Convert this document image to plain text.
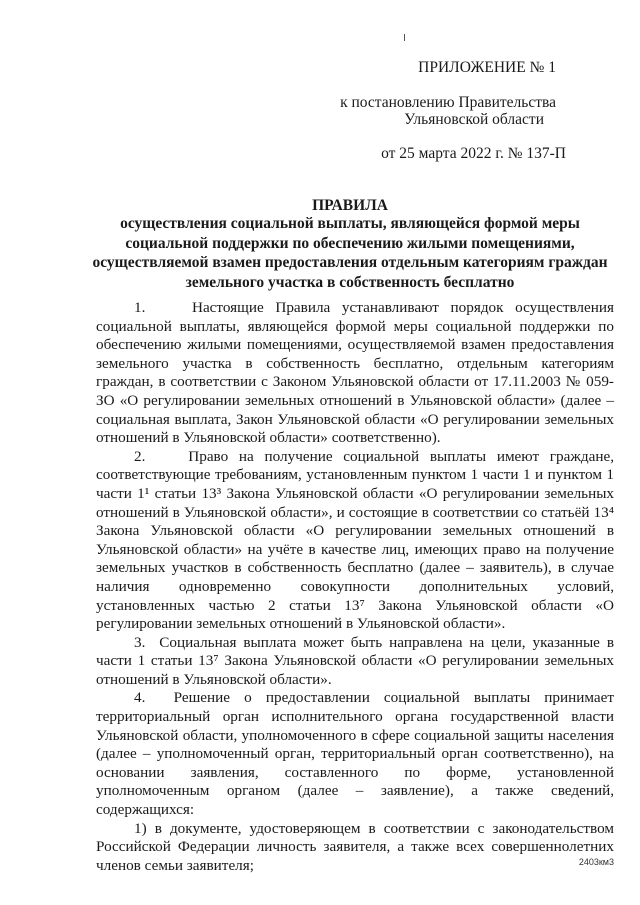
ПРИЛОЖЕНИЕ № 1
к постановлению Правительства
Ульяновской области
от 25 марта 2022 г. № 137-П
ПРАВИЛА
осуществления социальной выплаты, являющейся формой меры социальной поддержки по обеспечению жилыми помещениями, осуществляемой взамен предоставления отдельным категориям граждан земельного участка в собственность бесплатно

1.    Настоящие Правила устанавливают порядок осуществления социальной выплаты, являющейся формой меры социальной поддержки по обеспечению жилыми помещениями, осуществляемой взамен предоставления земельного участка в собственность бесплатно, отдельным категориям граждан, в соответствии с Законом Ульяновской области от 17.11.2003 № 059-ЗО «О регулировании земельных отношений в Ульяновской области» (далее – социальная выплата, Закон Ульяновской области «О регулировании земельных отношений в Ульяновской области» соответственно).

2.    Право на получение социальной выплаты имеют граждане, соответствующие требованиям, установленным пунктом 1 части 1 и пунктом 1 части 1¹ статьи 13³ Закона Ульяновской области «О регулировании земельных отношений в Ульяновской области», и состоящие в соответствии со статьёй 13⁴ Закона Ульяновской области «О регулировании земельных отношений в Ульяновской области» на учёте в качестве лиц, имеющих право на получение земельных участков в собственность бесплатно (далее – заявитель), в случае наличия одновременно совокупности дополнительных условий, установленных частью 2 статьи 13⁷ Закона Ульяновской области «О регулировании земельных отношений в Ульяновской области».

3.  Социальная выплата может быть направлена на цели, указанные в части 1 статьи 13⁷ Закона Ульяновской области «О регулировании земельных отношений в Ульяновской области».

4.  Решение о предоставлении социальной выплаты принимает территориальный орган исполнительного органа государственной власти Ульяновской области, уполномоченного в сфере социальной защиты населения (далее – уполномоченный орган, территориальный орган соответственно), на основании заявления, составленного по форме, установленной уполномоченным органом (далее – заявление), а также сведений, содержащихся:

1) в документе, удостоверяющем в соответствии с законодательством Российской Федерации личность заявителя, а также всех совершеннолетних членов семьи заявителя;	2403км3
